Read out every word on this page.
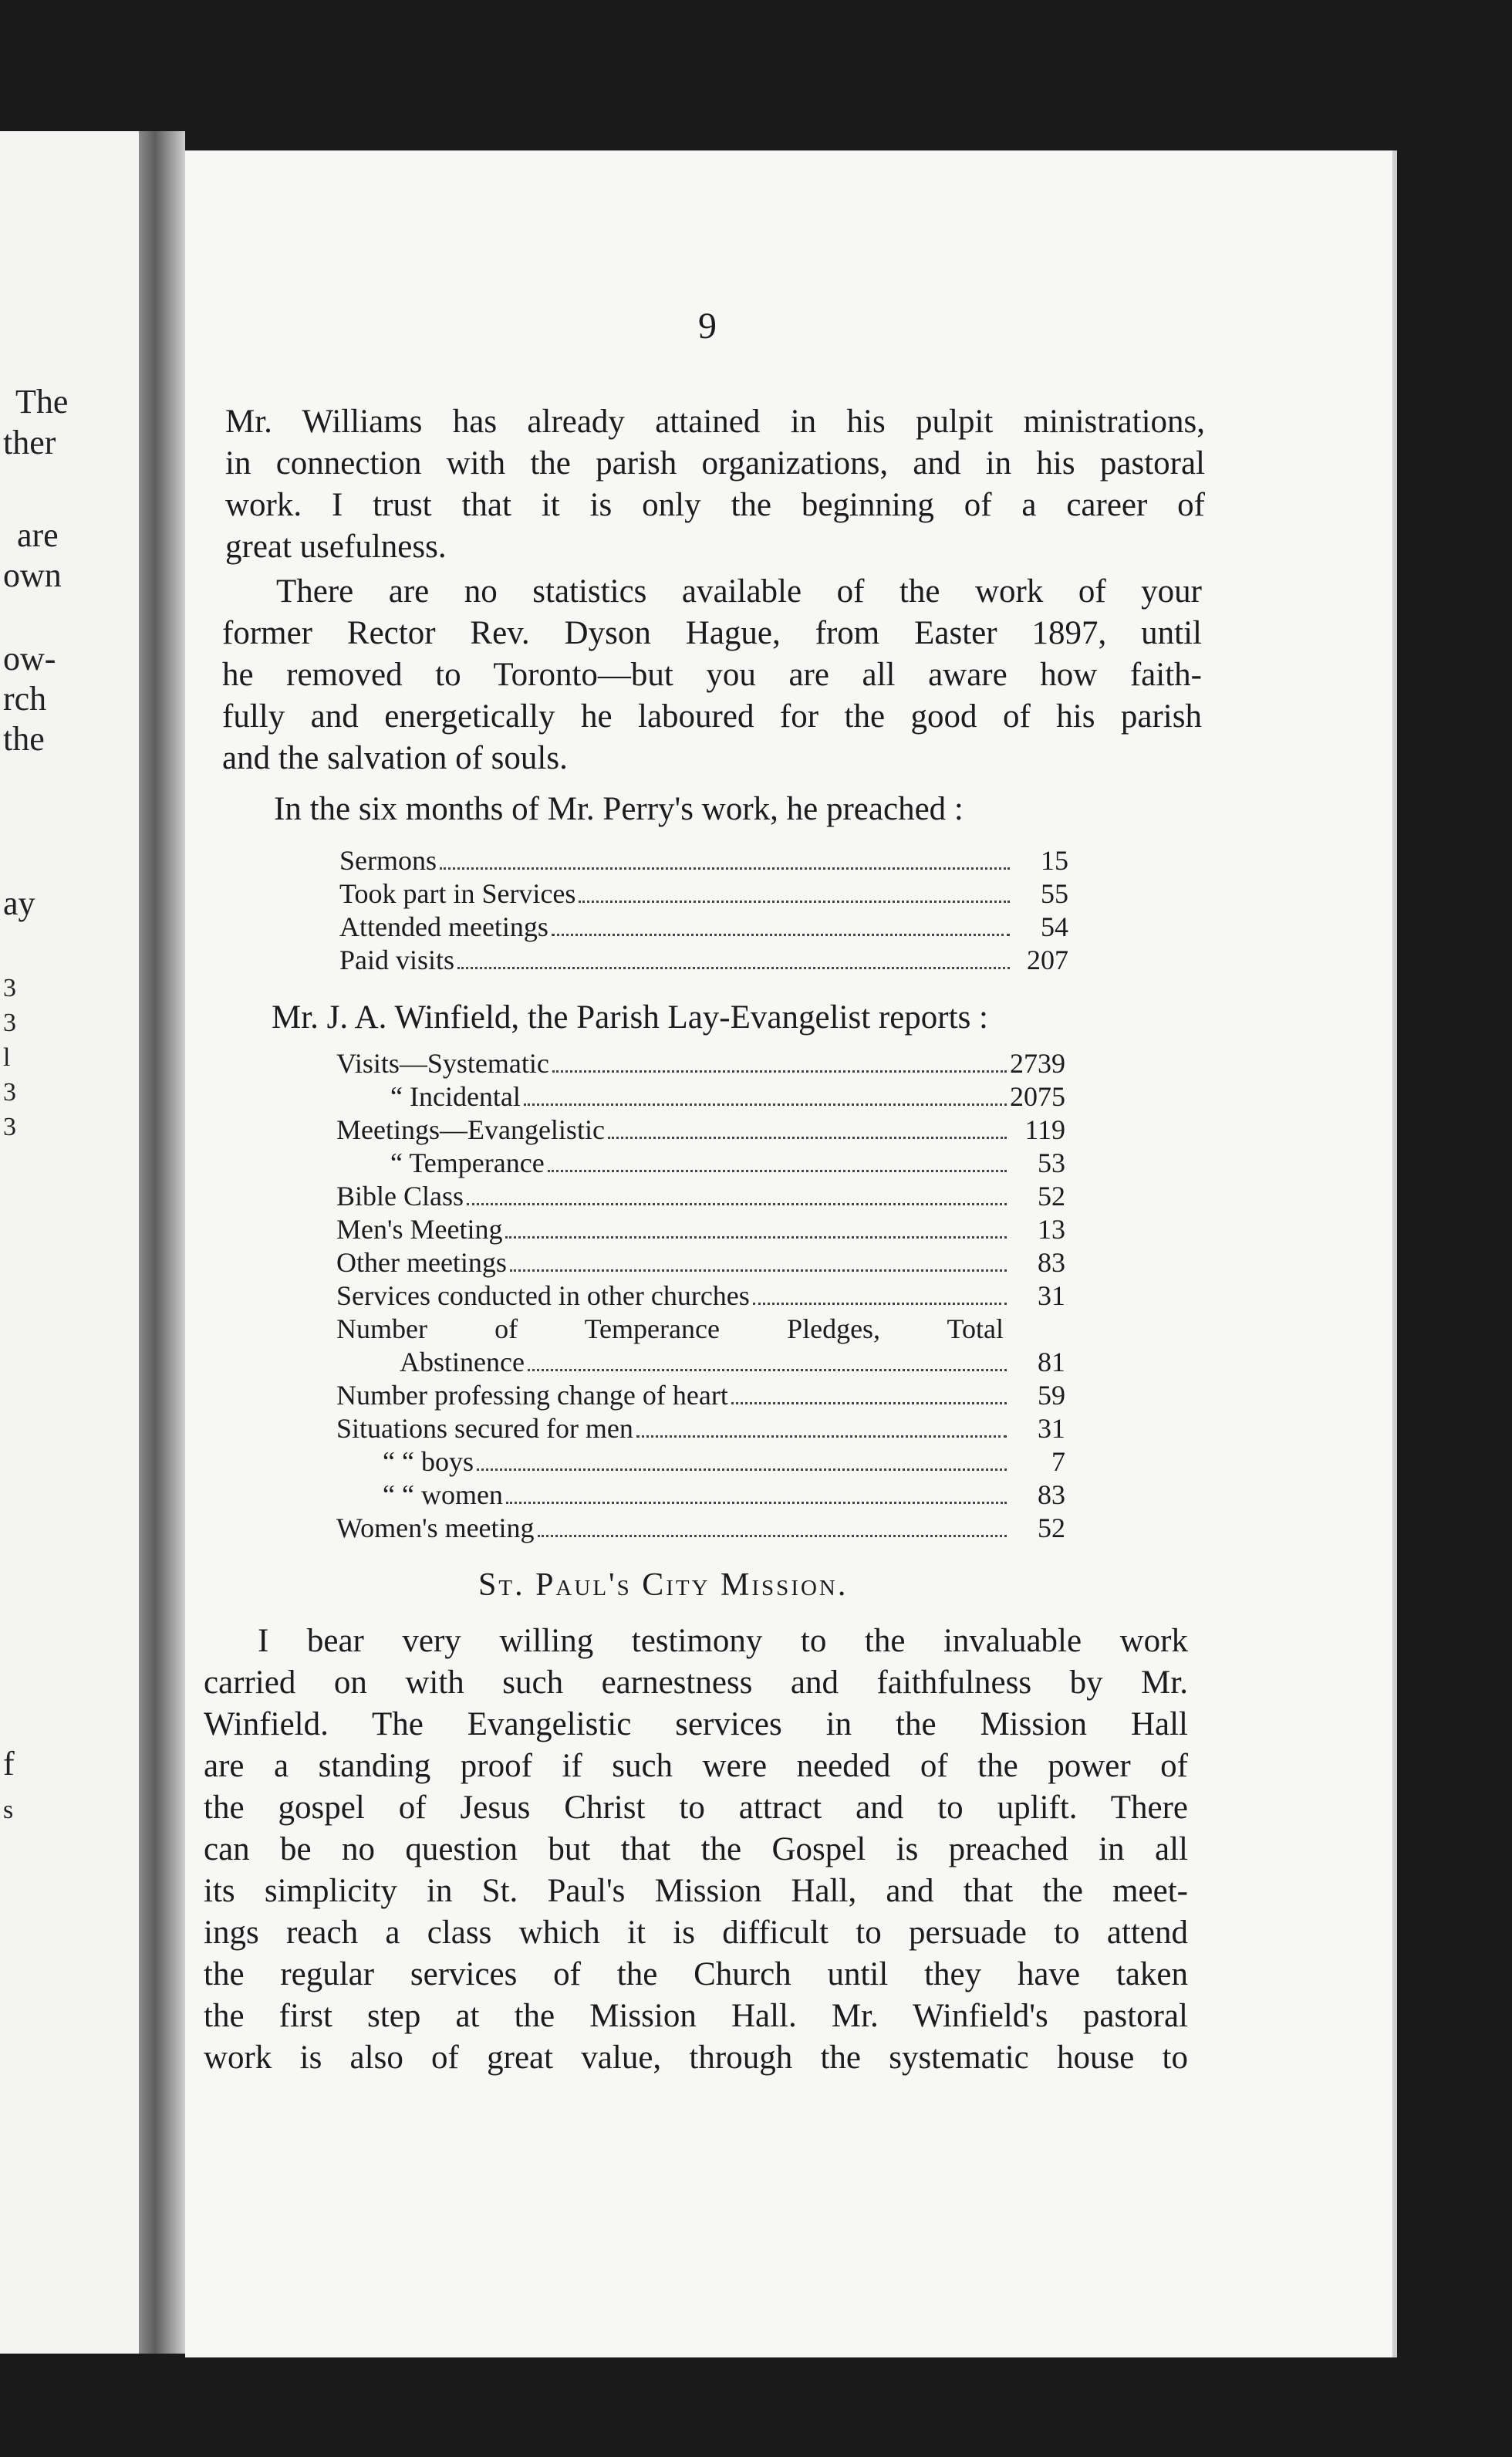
The
ther
are
own
ow-
rch
the
ay
3
3
l
3
3
f
s
9
Mr. Williams has already attained in his pulpit ministrations,
in connection with the parish organizations, and in his pastoral
work. I trust that it is only the beginning of a career of
great usefulness.
There are no statistics available of the work of your
former Rector Rev. Dyson Hague, from Easter 1897, until
he removed to Toronto—but you are all aware how faith-
fully and energetically he laboured for the good of his parish
and the salvation of souls.
In the six months of Mr. Perry's work, he preached :
Sermons	15
Took part in Services	55
Attended meetings	54
Paid visits	207
Mr. J. A. Winfield, the Parish Lay-Evangelist reports :
Visits—Systematic	2739
“ Incidental	2075
Meetings—Evangelistic	119
“ Temperance	53
Bible Class	52
Men's Meeting	13
Other meetings	83
Services conducted in other churches	31
Number of Temperance Pledges, Total
Abstinence	81
Number professing change of heart	59
Situations secured for men	31
“ “ boys	7
“ “ women	83
Women's meeting	52
St. Paul's City Mission.
I bear very willing testimony to the invaluable work
carried on with such earnestness and faithfulness by Mr.
Winfield. The Evangelistic services in the Mission Hall
are a standing proof if such were needed of the power of
the gospel of Jesus Christ to attract and to uplift. There
can be no question but that the Gospel is preached in all
its simplicity in St. Paul's Mission Hall, and that the meet-
ings reach a class which it is difficult to persuade to attend
the regular services of the Church until they have taken
the first step at the Mission Hall. Mr. Winfield's pastoral
work is also of great value, through the systematic house to
